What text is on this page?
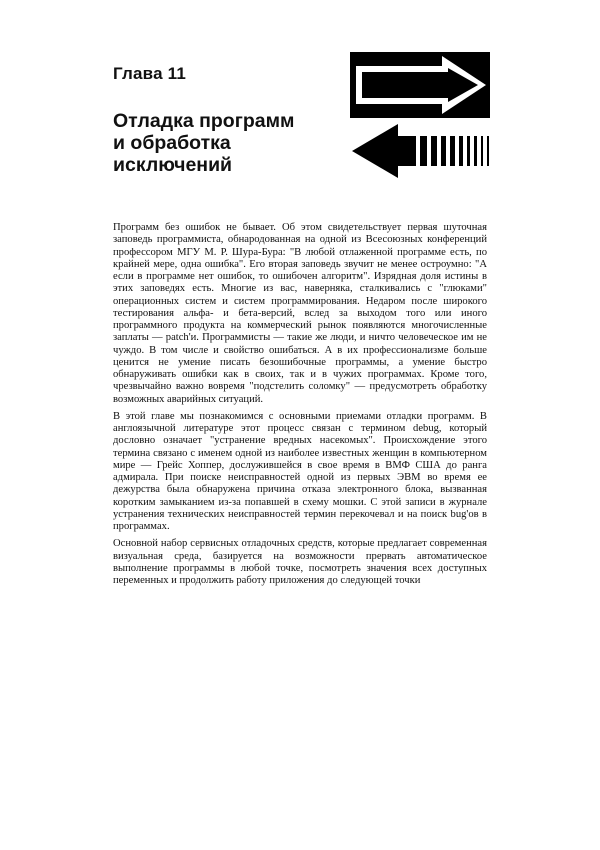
Глава 11
Отладка программ
и обработка
исключений

Программ без ошибок не бывает. Об этом свидетельствует первая шуточная заповедь программиста, обнародованная на одной из Всесоюзных конференций профессором МГУ М. Р. Шура-Бура: "В любой отлаженной программе есть, по крайней мере, одна ошибка". Его вторая заповедь звучит не менее остроумно: "А если в программе нет ошибок, то ошибочен алгоритм". Изрядная доля истины в этих заповедях есть. Многие из вас, наверняка, сталкивались с "глюками" операционных систем и систем программирования. Недаром после широкого тестирования альфа- и бета-версий, вслед за выходом того или иного программного продукта на коммерческий рынок появляются многочисленные заплаты — patch'и. Программисты — такие же люди, и ничто человеческое им не чуждо. В том числе и свойство ошибаться. А в их профессионализме больше ценится не умение писать безошибочные программы, а умение быстро обнаруживать ошибки как в своих, так и в чужих программах. Кроме того, чрезвычайно важно вовремя "подстелить соломку" — предусмотреть обработку возможных аварийных ситуаций.

В этой главе мы познакомимся с основными приемами отладки программ. В англоязычной литературе этот процесс связан с термином debug, который дословно означает "устранение вредных насекомых". Происхождение этого термина связано с именем одной из наиболее известных женщин в компьютерном мире — Грейс Хоппер, дослужившейся в свое время в ВМФ США до ранга адмирала. При поиске неисправностей одной из первых ЭВМ во время ее дежурства была обнаружена причина отказа электронного блока, вызванная коротким замыканием из-за попавшей в схему мошки. С этой записи в журнале устранения технических неисправностей термин перекочевал и на поиск bug'ов в программах.

Основной набор сервисных отладочных средств, которые предлагает современная визуальная среда, базируется на возможности прервать автоматическое выполнение программы в любой точке, посмотреть значения всех доступных переменных и продолжить работу приложения до следующей точки
